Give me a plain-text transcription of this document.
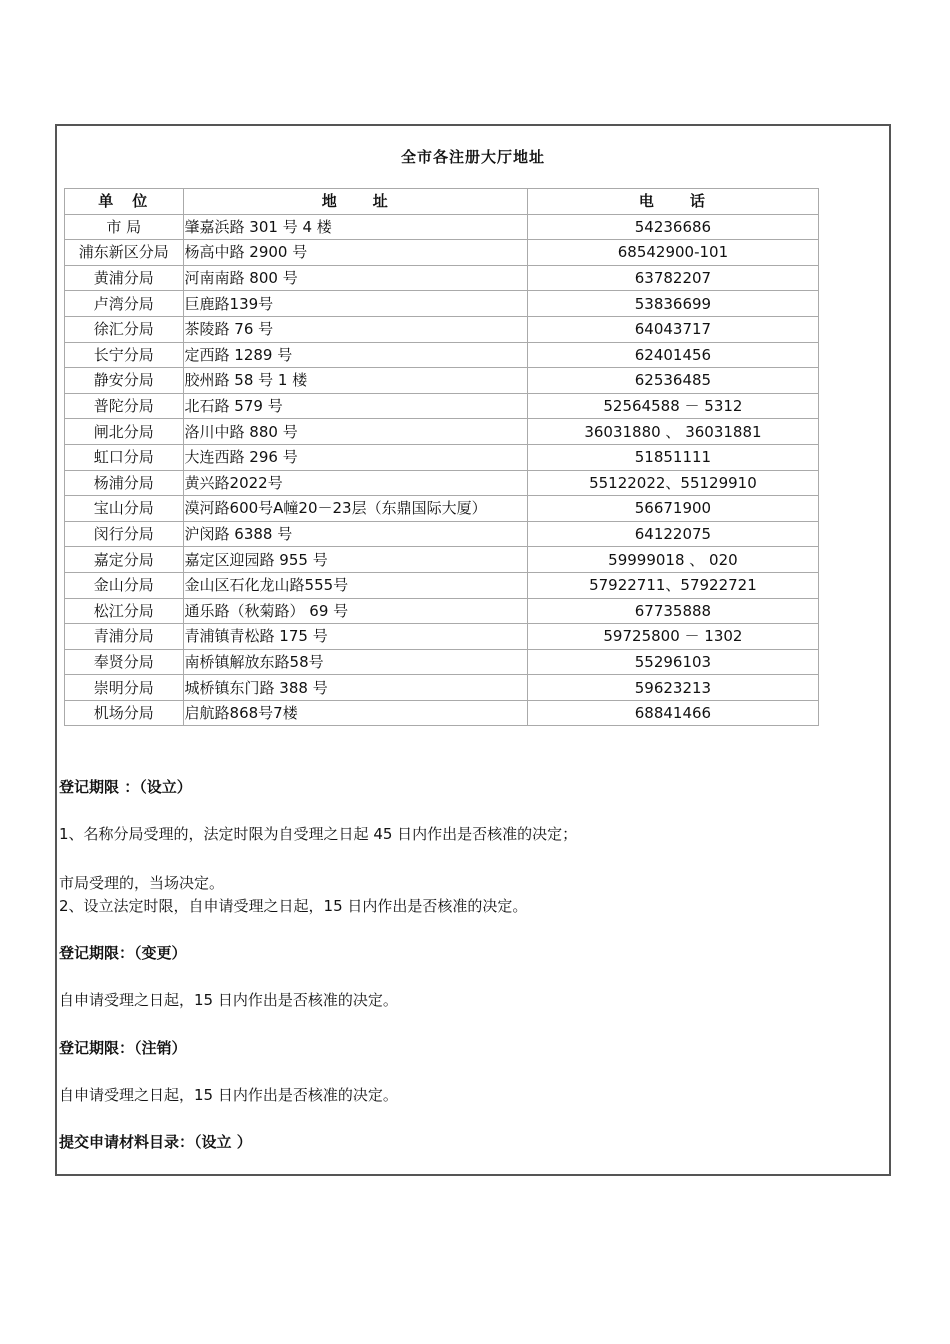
全市各注册大厅地址
单　位	地　　址	电　　话
市 局	肇嘉浜路 301 号 4 楼	54236686
浦东新区分局	杨高中路 2900 号	68542900-101
黄浦分局	河南南路 800 号	63782207
卢湾分局	巨鹿路139号	53836699
徐汇分局	茶陵路 76 号	64043717
长宁分局	定西路 1289 号	62401456
静安分局	胶州路 58 号 1 楼	62536485
普陀分局	北石路 579 号	52564588 － 5312
闸北分局	洛川中路 880 号	36031880 、 36031881
虹口分局	大连西路 296 号	51851111
杨浦分局	黄兴路2022号	55122022、55129910
宝山分局	漠河路600号A幢20－23层（东鼎国际大厦）	56671900
闵行分局	沪闵路 6388 号	64122075
嘉定分局	嘉定区迎园路 955 号	59999018 、 020
金山分局	金山区石化龙山路555号	57922711、57922721
松江分局	通乐路（秋菊路） 69 号	67735888
青浦分局	青浦镇青松路 175 号	59725800 － 1302
奉贤分局	南桥镇解放东路58号	55296103
崇明分局	城桥镇东门路 388 号	59623213
机场分局	启航路868号7楼	68841466
登记期限 ：（设立）
1、名称分局受理的，法定时限为自受理之日起 45 日内作出是否核准的决定；
市局受理的，当场决定。
2、设立法定时限，自申请受理之日起，15 日内作出是否核准的决定。
登记期限：（变更）
自申请受理之日起，15 日内作出是否核准的决定。
登记期限：（注销）
自申请受理之日起，15 日内作出是否核准的决定。
提交申请材料目录：（设立 ）
